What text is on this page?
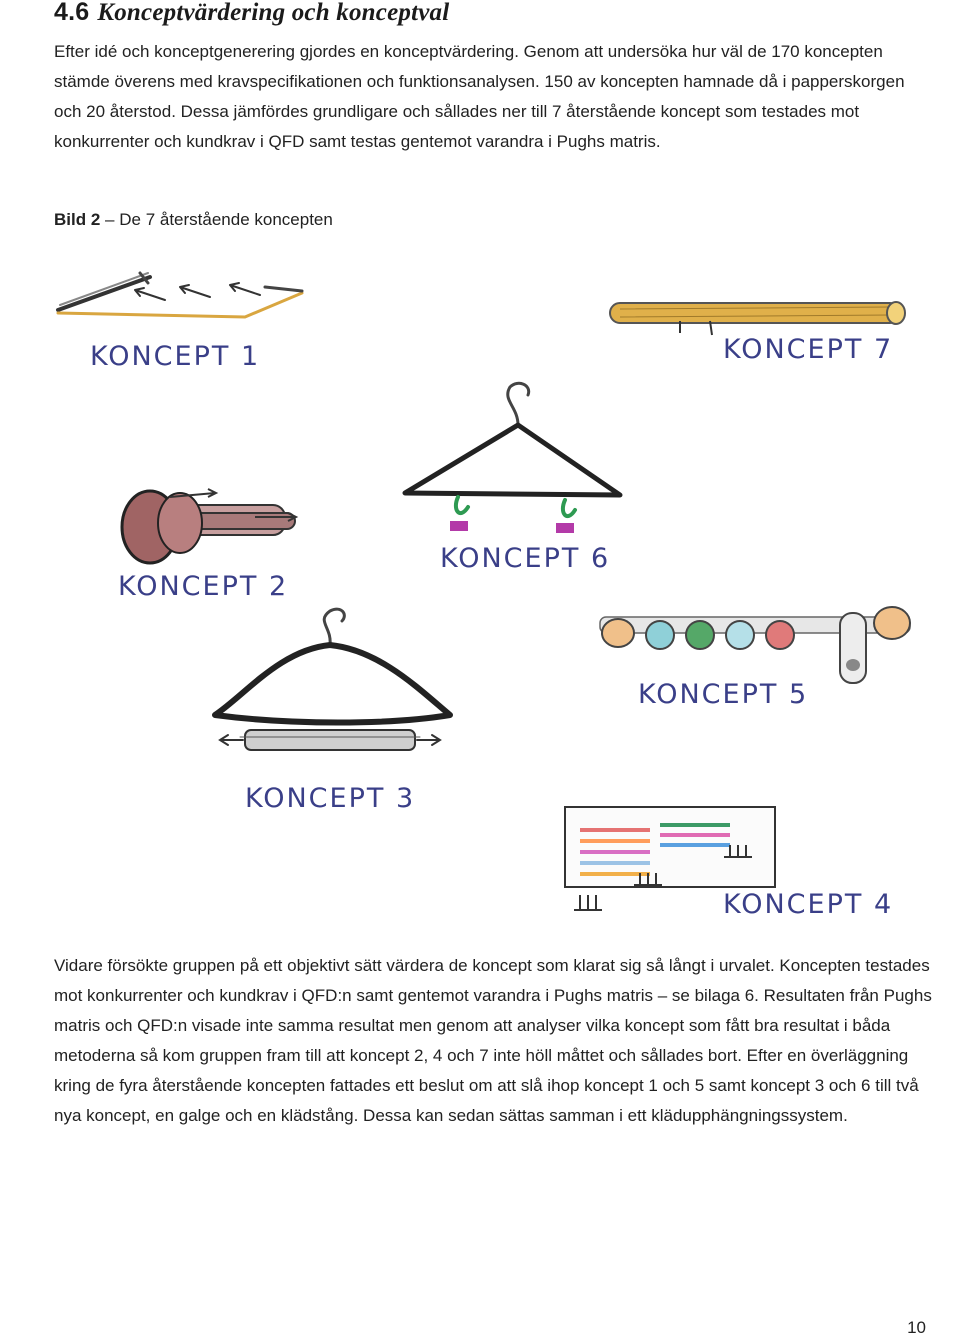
4.6 Konceptvärdering och konceptval

Efter idé och konceptgenerering gjordes en konceptvärdering. Genom att undersöka hur väl de 170 koncepten stämde överens med kravspecifikationen och funktionsanalysen. 150 av koncepten hamnade då i papperskorgen och 20 återstod. Dessa jämfördes grundligare och sållades ner till 7 återstående koncept som testades mot konkurrenter och kundkrav i QFD samt testas gentemot varandra i Pughs matris.

Bild 2 – De 7 återstående koncepten

KONCEPT 1	KONCEPT 7
KONCEPT 6
KONCEPT 2
KONCEPT 5
KONCEPT 3
KONCEPT 4

Vidare försökte gruppen på ett objektivt sätt värdera de koncept som klarat sig så långt i urvalet. Koncepten testades mot konkurrenter och kundkrav i QFD:n samt gentemot varandra i Pughs matris – se bilaga 6. Resultaten från Pughs matris och QFD:n visade inte samma resultat men genom att analyser vilka koncept som fått bra resultat i båda metoderna så kom gruppen fram till att koncept 2, 4 och 7 inte höll måttet och sållades bort. Efter en överläggning kring de fyra återstående koncepten fattades ett beslut om att slå ihop koncept 1 och 5 samt koncept 3 och 6 till två nya koncept, en galge och en klädstång. Dessa kan sedan sättas samman i ett klädupphängningssystem.

10
